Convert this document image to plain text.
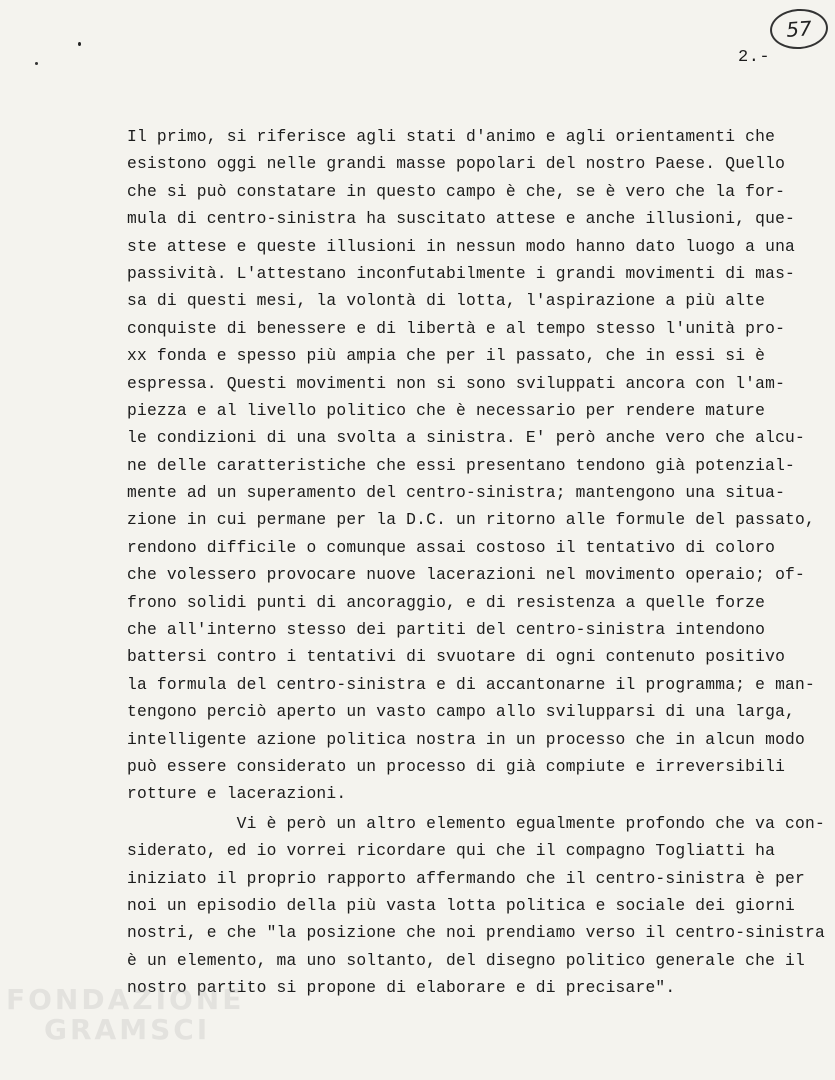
57
2.-
Il primo, si riferisce agli stati d'animo e agli orientamenti che
esistono oggi nelle grandi masse popolari del nostro Paese. Quello
che si può constatare in questo campo è che, se è vero che la for-
mula di centro-sinistra ha suscitato attese e anche illusioni, que-
ste attese e queste illusioni in nessun modo hanno dato luogo a una
passività. L'attestano inconfutabilmente i grandi movimenti di mas-
sa di questi mesi, la volontà di lotta, l'aspirazione a più alte
conquiste di benessere e di libertà e al tempo stesso l'unità pro-
xx fonda e spesso più ampia che per il passato, che in essi si è
espressa. Questi movimenti non si sono sviluppati ancora con l'am-
piezza e al livello politico che è necessario per rendere mature
le condizioni di una svolta a sinistra. E' però anche vero che alcu-
ne delle caratteristiche che essi presentano tendono già potenzial-
mente ad un superamento del centro-sinistra; mantengono una situa-
zione in cui permane per la D.C. un ritorno alle formule del passato,
rendono difficile o comunque assai costoso il tentativo di coloro
che volessero provocare nuove lacerazioni nel movimento operaio; of-
frono solidi punti di ancoraggio, e di resistenza a quelle forze
che all'interno stesso dei partiti del centro-sinistra intendono
battersi contro i tentativi di svuotare di ogni contenuto positivo
la formula del centro-sinistra e di accantonarne il programma; e man-
tengono perciò aperto un vasto campo allo svilupparsi di una larga,
intelligente azione politica nostra in un processo che in alcun modo
può essere considerato un processo di già compiute e irreversibili
rotture e lacerazioni.
Vi è però un altro elemento egualmente profondo che va con-
siderato, ed io vorrei ricordare qui che il compagno Togliatti ha
iniziato il proprio rapporto affermando che il centro-sinistra è per
noi un episodio della più vasta lotta politica e sociale dei giorni
nostri, e che "la posizione che noi prendiamo verso il centro-sinistra
è un elemento, ma uno soltanto, del disegno politico generale che il
nostro partito si propone di elaborare e di precisare".
FONDAZIONE
GRAMSCI
